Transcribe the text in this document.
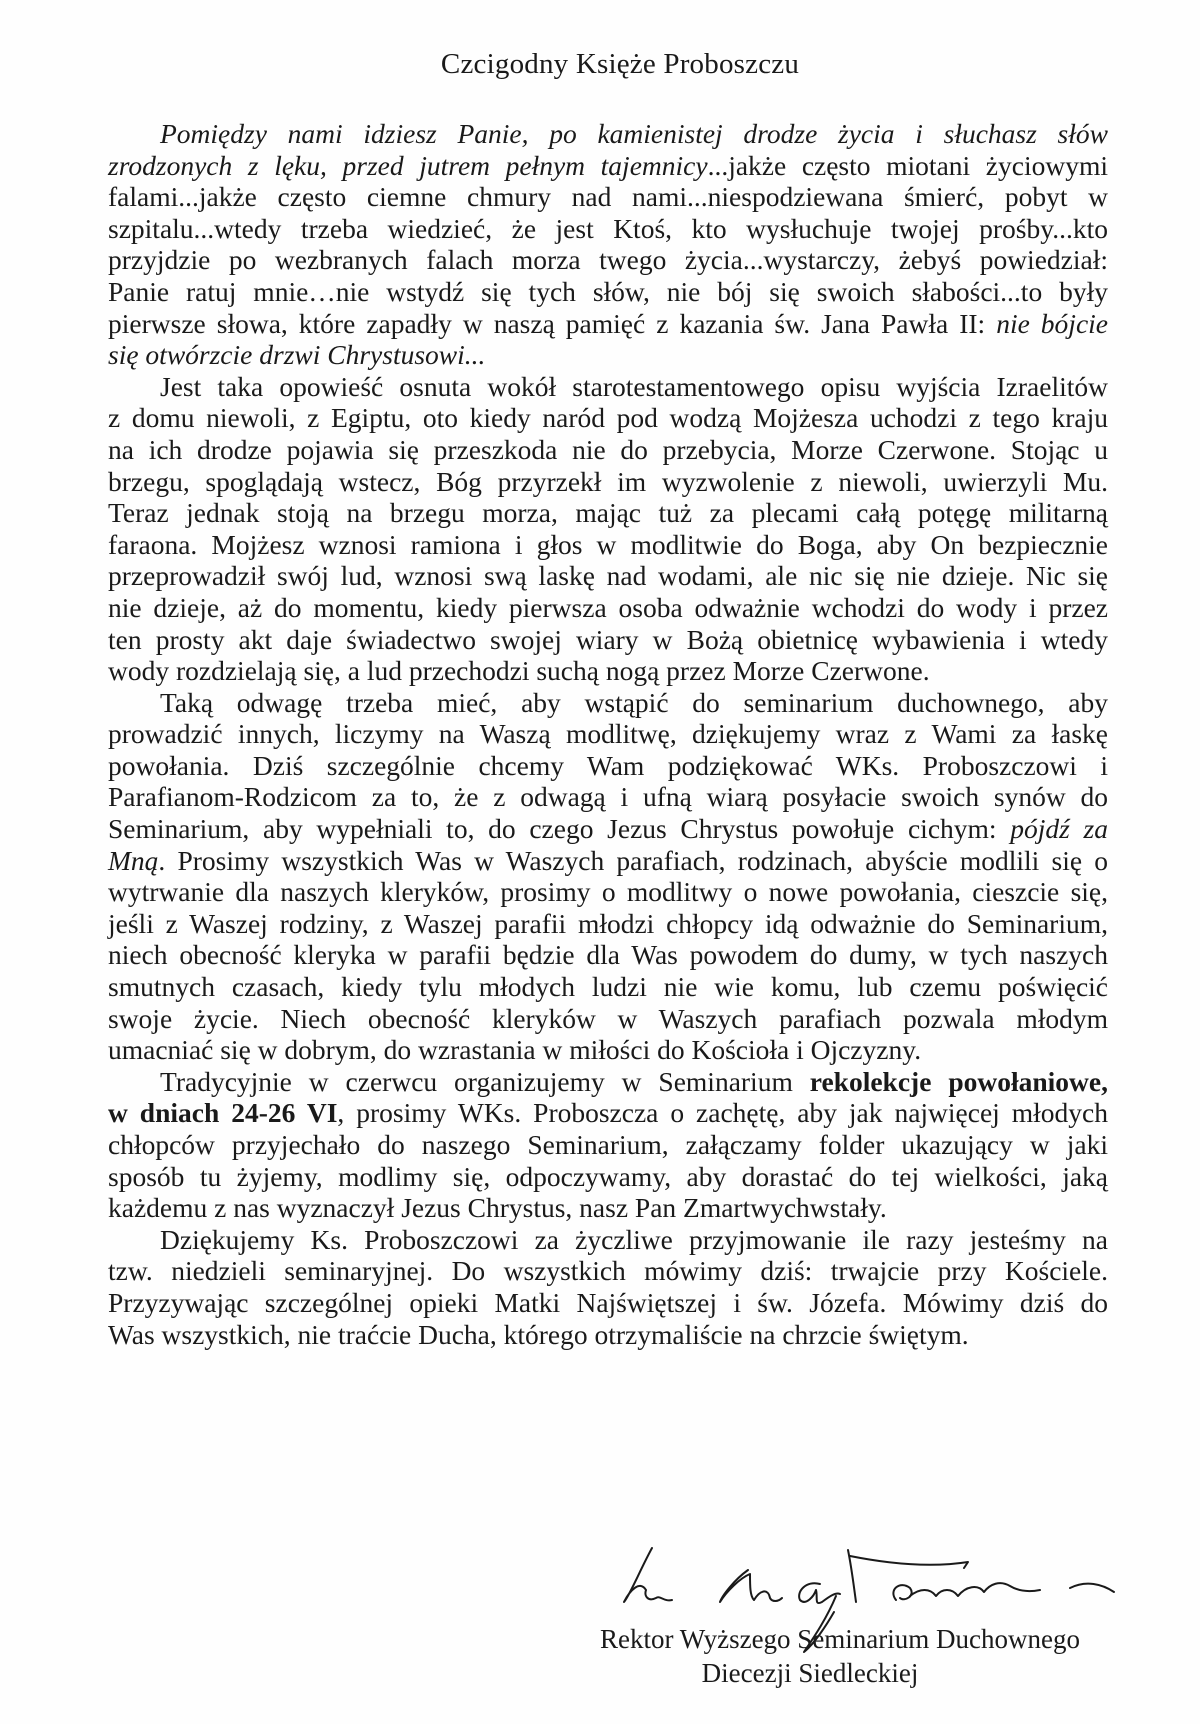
Czcigodny Księże Proboszczu
Pomiędzy nami idziesz Panie, po kamienistej drodze życia i słuchasz słów
zrodzonych z lęku, przed jutrem pełnym tajemnicy...jakże często miotani życiowymi
falami...jakże często ciemne chmury nad nami...niespodziewana śmierć, pobyt w
szpitalu...wtedy trzeba wiedzieć, że jest Ktoś, kto wysłuchuje twojej prośby...kto
przyjdzie po wezbranych falach morza twego życia...wystarczy, żebyś powiedział:
Panie ratuj mnie…nie wstydź się tych słów, nie bój się swoich słabości...to były
pierwsze słowa, które zapadły w naszą pamięć z kazania św. Jana Pawła II: nie bójcie
się otwórzcie drzwi Chrystusowi...
Jest taka opowieść osnuta wokół starotestamentowego opisu wyjścia Izraelitów
z domu niewoli, z Egiptu, oto kiedy naród pod wodzą Mojżesza uchodzi z tego kraju
na ich drodze pojawia się przeszkoda nie do przebycia, Morze Czerwone. Stojąc u
brzegu, spoglądają wstecz, Bóg przyrzekł im wyzwolenie z niewoli, uwierzyli Mu.
Teraz jednak stoją na brzegu morza, mając tuż za plecami całą potęgę militarną
faraona. Mojżesz wznosi ramiona i głos w modlitwie do Boga, aby On bezpiecznie
przeprowadził swój lud, wznosi swą laskę nad wodami, ale nic się nie dzieje. Nic się
nie dzieje, aż do momentu, kiedy pierwsza osoba odważnie wchodzi do wody i przez
ten prosty akt daje świadectwo swojej wiary w Bożą obietnicę wybawienia i wtedy
wody rozdzielają się, a lud przechodzi suchą nogą przez Morze Czerwone.
Taką odwagę trzeba mieć, aby wstąpić do seminarium duchownego, aby
prowadzić innych, liczymy na Waszą modlitwę, dziękujemy wraz z Wami za łaskę
powołania. Dziś szczególnie chcemy Wam podziękować WKs. Proboszczowi i
Parafianom-Rodzicom za to, że z odwagą i ufną wiarą posyłacie swoich synów do
Seminarium, aby wypełniali to, do czego Jezus Chrystus powołuje cichym: pójdź za
Mną. Prosimy wszystkich Was w Waszych parafiach, rodzinach, abyście modlili się o
wytrwanie dla naszych kleryków, prosimy o modlitwy o nowe powołania, cieszcie się,
jeśli z Waszej rodziny, z Waszej parafii młodzi chłopcy idą odważnie do Seminarium,
niech obecność kleryka w parafii będzie dla Was powodem do dumy, w tych naszych
smutnych czasach, kiedy tylu młodych ludzi nie wie komu, lub czemu poświęcić
swoje życie. Niech obecność kleryków w Waszych parafiach pozwala młodym
umacniać się w dobrym, do wzrastania w miłości do Kościoła i Ojczyzny.
Tradycyjnie w czerwcu organizujemy w Seminarium rekolekcje powołaniowe,
w dniach 24-26 VI, prosimy WKs. Proboszcza o zachętę, aby jak najwięcej młodych
chłopców przyjechało do naszego Seminarium, załączamy folder ukazujący w jaki
sposób tu żyjemy, modlimy się, odpoczywamy, aby dorastać do tej wielkości, jaką
każdemu z nas wyznaczył Jezus Chrystus, nasz Pan Zmartwychwstały.
Dziękujemy Ks. Proboszczowi za życzliwe przyjmowanie ile razy jesteśmy na
tzw. niedzieli seminaryjnej. Do wszystkich mówimy dziś: trwajcie przy Kościele.
Przyzywając szczególnej opieki Matki Najświętszej i św. Józefa. Mówimy dziś do
Was wszystkich, nie traćcie Ducha, którego otrzymaliście na chrzcie świętym.
Rektor Wyższego Seminarium Duchownego
Diecezji Siedleckiej
